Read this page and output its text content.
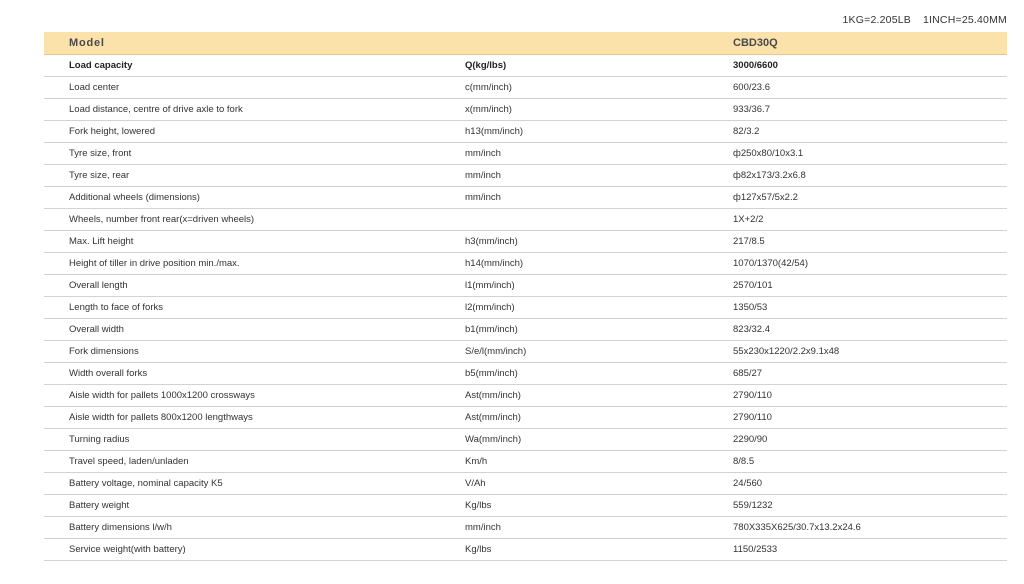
1KG=2.205LB 1INCH=25.40MM
Model		CBD30Q
Load capacity	Q(kg/lbs)	3000/6600
Load center	c(mm/inch)	600/23.6
Load distance, centre of drive axle to fork	x(mm/inch)	933/36.7
Fork height, lowered	h13(mm/inch)	82/3.2
Tyre size, front	mm/inch	ф250x80/10x3.1
Tyre size, rear	mm/inch	ф82x173/3.2x6.8
Additional wheels (dimensions)	mm/inch	ф127x57/5x2.2
Wheels, number front rear(x=driven wheels)		1X+2/2
Max. Lift height	h3(mm/inch)	217/8.5
Height of tiller in drive position min./max.	h14(mm/inch)	1070/1370(42/54)
Overall length	l1(mm/inch)	2570/101
Length to face of forks	l2(mm/inch)	1350/53
Overall width	b1(mm/inch)	823/32.4
Fork dimensions	S/e/l(mm/inch)	55x230x1220/2.2x9.1x48
Width overall forks	b5(mm/inch)	685/27
Aisle width for pallets 1000x1200 crossways	Ast(mm/inch)	2790/110
Aisle width for pallets 800x1200 lengthways	Ast(mm/inch)	2790/110
Turning radius	Wa(mm/inch)	2290/90
Travel speed, laden/unladen	Km/h	8/8.5
Battery voltage, nominal capacity K5	V/Ah	24/560
Battery weight	Kg/lbs	559/1232
Battery dimensions l/w/h	mm/inch	780X335X625/30.7x13.2x24.6
Service weight(with battery)	Kg/lbs	1150/2533
